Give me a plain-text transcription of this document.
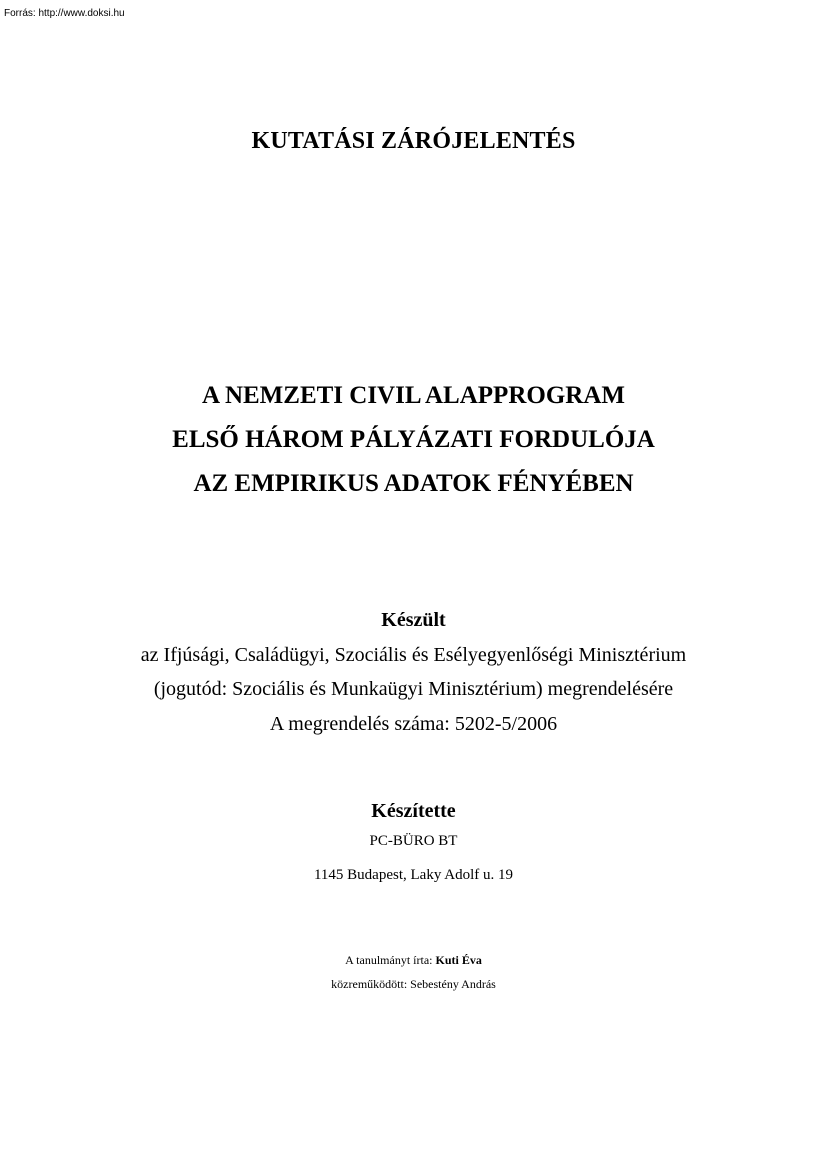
Forrás: http://www.doksi.hu
KUTATÁSI ZÁRÓJELENTÉS
A NEMZETI CIVIL ALAPPROGRAM
ELSŐ HÁROM PÁLYÁZATI FORDULÓJA
AZ EMPIRIKUS ADATOK FÉNYÉBEN
Készült
az Ifjúsági, Családügyi, Szociális és Esélyegyenlőségi Minisztérium
(jogutód: Szociális és Munkaügyi Minisztérium) megrendelésére
A megrendelés száma: 5202-5/2006
Készítette
PC-BÜRO BT
1145 Budapest, Laky Adolf u. 19
A tanulmányt írta: Kuti Éva
közreműködött: Sebestény András
